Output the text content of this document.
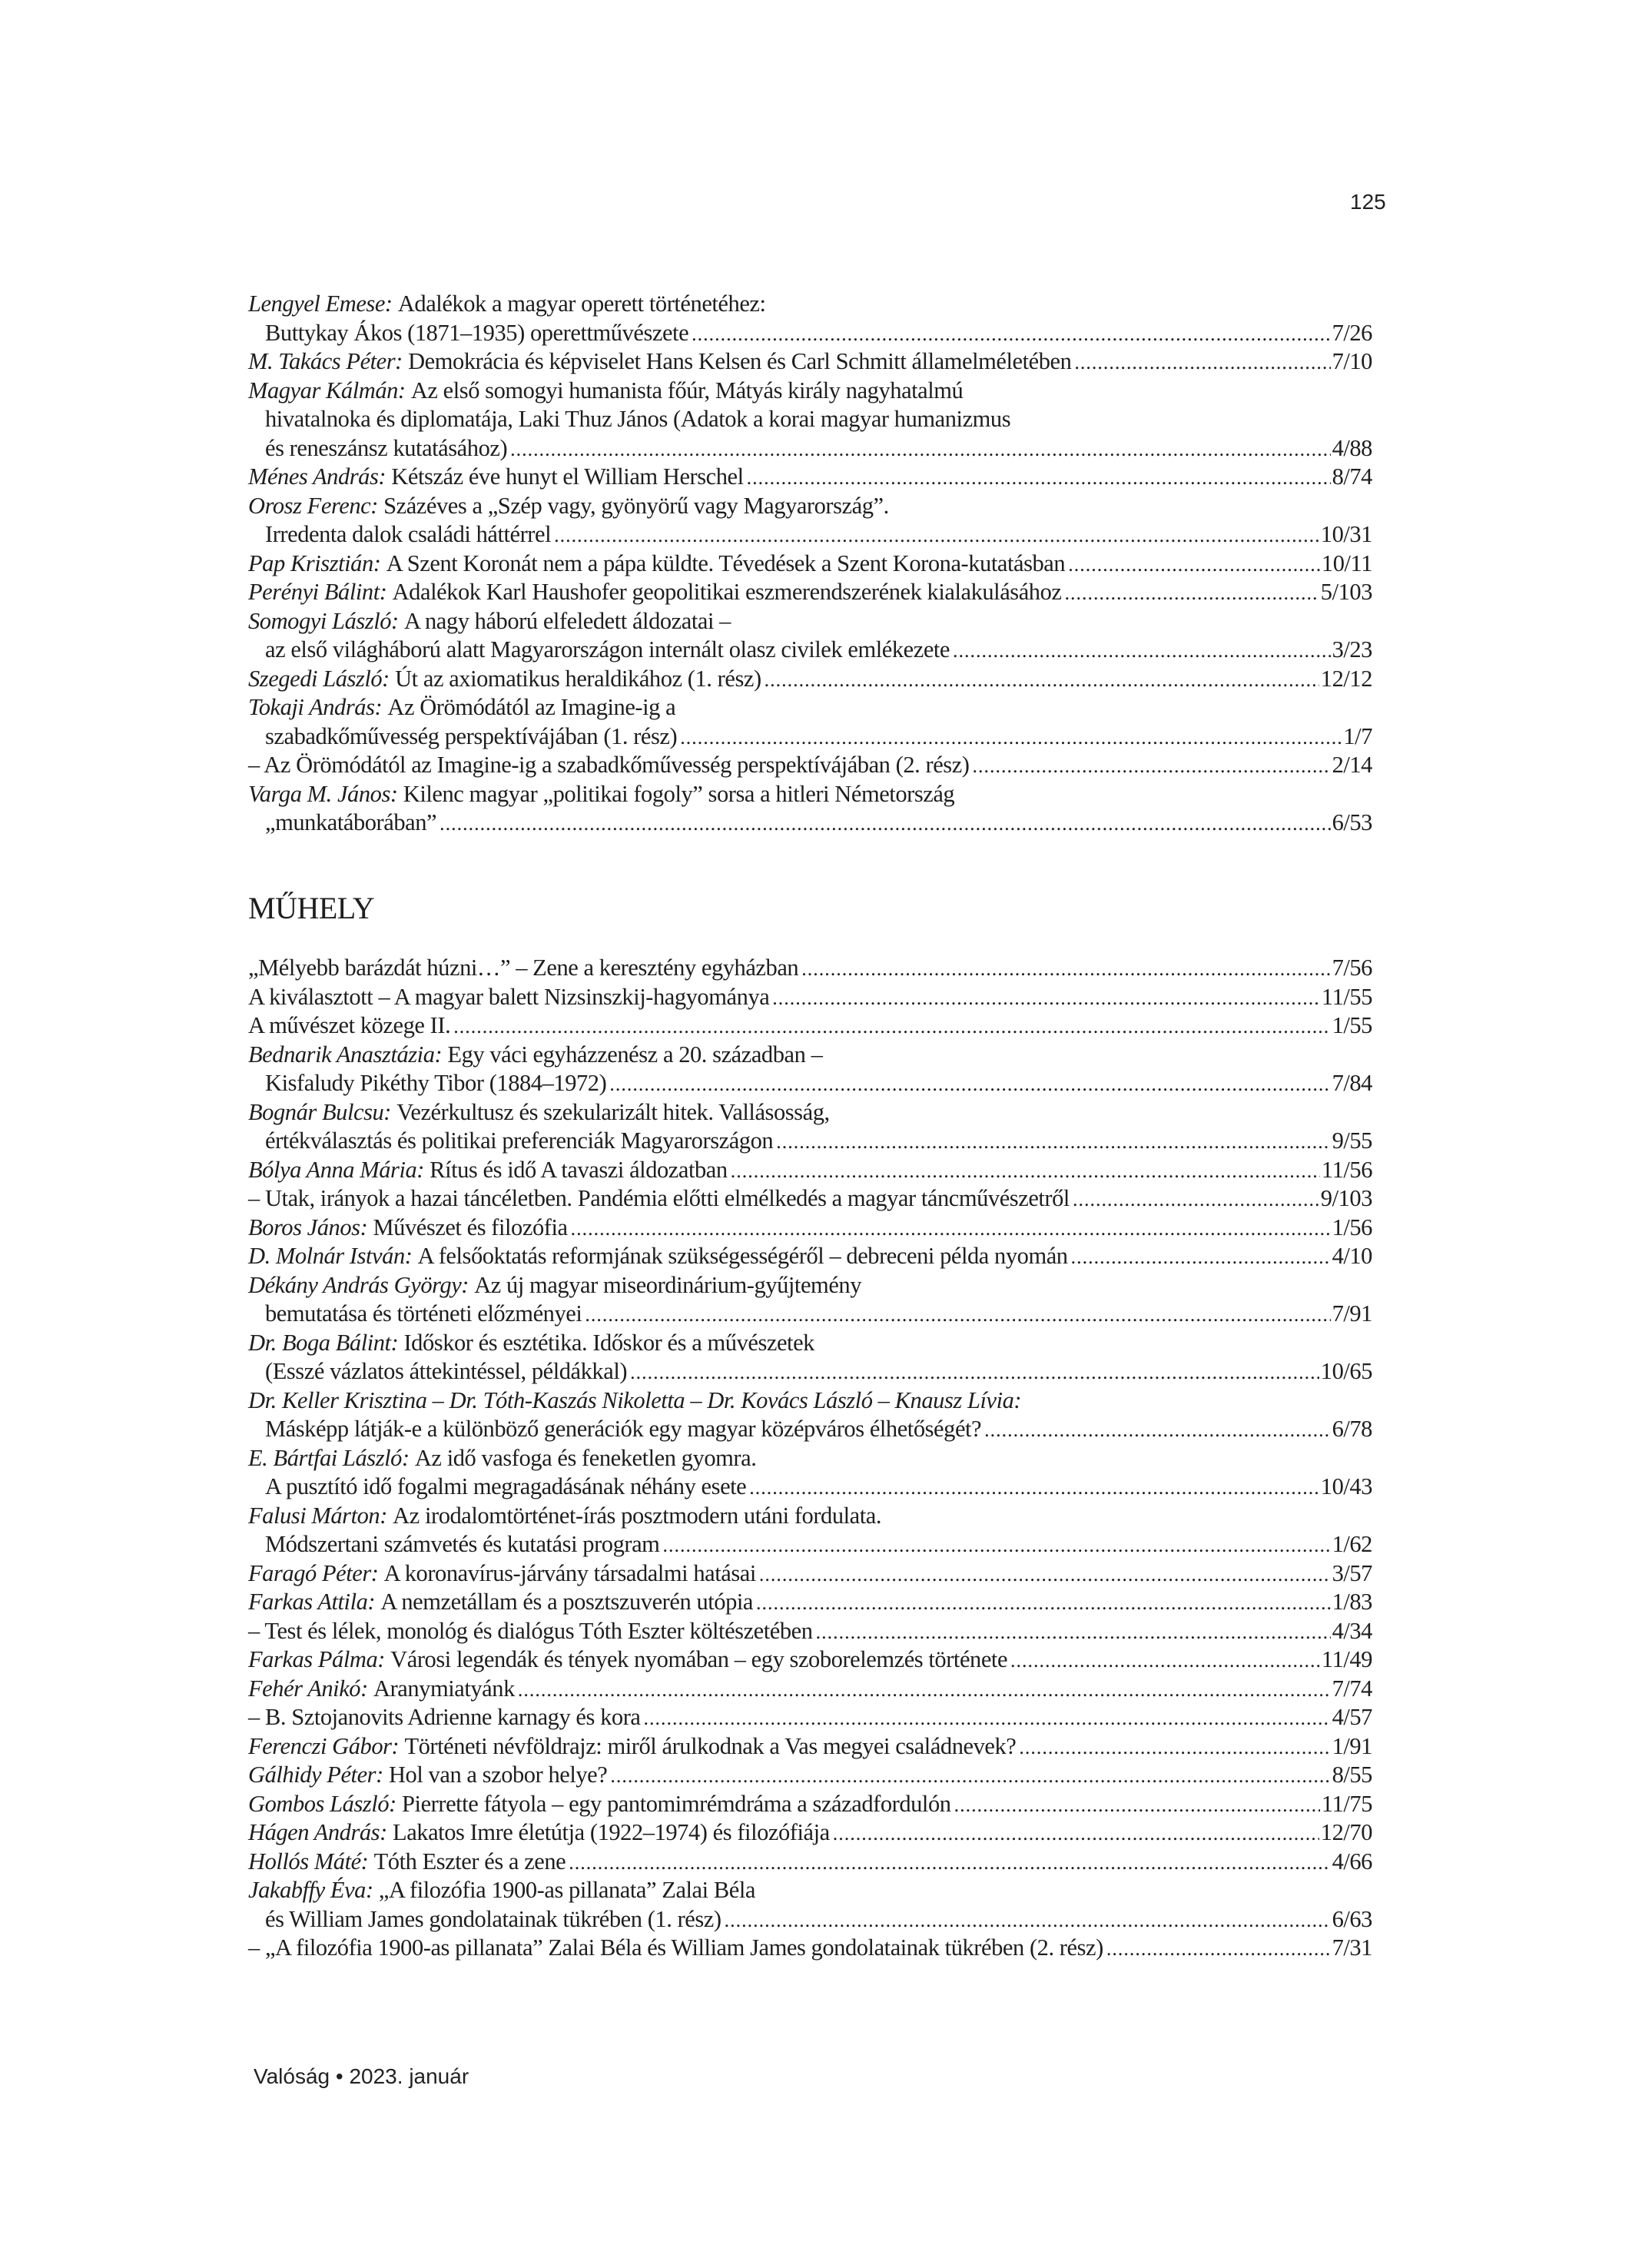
125
Lengyel Emese:
Adalékok a magyar operett történetéhez:
Buttykay Ákos (1871–1935) operettművészete .....	7/26
M. Takács Péter:
Demokrácia és képviselet Hans Kelsen és Carl Schmitt államelméletében .....	7/10
Magyar Kálmán:
Az első somogyi humanista főúr, Mátyás király nagyhatalmú
hivatalnoka és diplomatája, Laki Thuz János (Adatok a korai magyar humanizmus
és reneszánsz kutatásához) .....	4/88
Ménes András:
Kétszáz éve hunyt el William Herschel .....	8/74
Orosz Ferenc:
Százéves a „Szép vagy, gyönyörű vagy Magyarország”.
Irredenta dalok családi háttérrel .....	10/31
Pap Krisztián:
A Szent Koronát nem a pápa küldte. Tévedések a Szent Korona-kutatásban .....	10/11
Perényi Bálint:
Adalékok Karl Haushofer geopolitikai eszmerendszerének kialakulásához .....	5/103
Somogyi László:
A nagy háború elfeledett áldozatai –
az első világháború alatt Magyarországon internált olasz civilek emlékezete .....	3/23
Szegedi László:
Út az axiomatikus heraldikához (1. rész) .....	12/12
Tokaji András:
Az Örömódától az Imagine-ig a
szabadkőművesség perspektívájában (1. rész) .....	1/7
– Az Örömódától az Imagine-ig a szabadkőművesség perspektívájában (2. rész) .....	2/14
Varga M. János:
Kilenc magyar „politikai fogoly” sorsa a hitleri Németország
„munkatáborában” .....	6/53
MŰHELY
„Mélyebb barázdát húzni…” – Zene a keresztény egyházban .....	7/56
A kiválasztott – A magyar balett Nizsinszkij-hagyománya .....	11/55
A művészet közege II. .....	1/55
Bednarik Anasztázia:
Egy váci egyházzenész a 20. században –
Kisfaludy Pikéthy Tibor (1884–1972) .....	7/84
Bognár Bulcsu:
Vezérkultusz és szekularizált hitek. Vallásosság,
értékválasztás és politikai preferenciák Magyarországon .....	9/55
Bólya Anna Mária:
Rítus és idő A tavaszi áldozatban .....	11/56
– Utak, irányok a hazai táncéletben. Pandémia előtti elmélkedés a magyar táncművészetről .....	9/103
Boros János:
Művészet és filozófia .....	1/56
D. Molnár István:
A felsőoktatás reformjának szükségességéről – debreceni példa nyomán .....	4/10
Dékány András György:
Az új magyar miseordinárium-gyűjtemény
bemutatása és történeti előzményei .....	7/91
Dr. Boga Bálint:
Időskor és esztétika. Időskor és a művészetek
(Esszé vázlatos áttekintéssel, példákkal) .....	10/65
Dr. Keller Krisztina – Dr. Tóth-Kaszás Nikoletta – Dr. Kovács László – Knausz Lívia:
Másképp látják-e a különböző generációk egy magyar középváros élhetőségét? .....	6/78
E. Bártfai László:
Az idő vasfoga és feneketlen gyomra.
A pusztító idő fogalmi megragadásának néhány esete .....	10/43
Falusi Márton:
Az irodalomtörténet-írás posztmodern utáni fordulata.
Módszertani számvetés és kutatási program .....	1/62
Faragó Péter:
A koronavírus-járvány társadalmi hatásai .....	3/57
Farkas Attila:
A nemzetállam és a posztszuverén utópia .....	1/83
– Test és lélek, monológ és dialógus Tóth Eszter költészetében .....	4/34
Farkas Pálma:
Városi legendák és tények nyomában – egy szoborelemzés története .....	11/49
Fehér Anikó:
Aranymiatyánk .....	7/74
– B. Sztojanovits Adrienne karnagy és kora .....	4/57
Ferenczi Gábor:
Történeti névföldrajz: miről árulkodnak a Vas megyei családnevek? .....	1/91
Gálhidy Péter:
Hol van a szobor helye? .....	8/55
Gombos László:
Pierrette fátyola – egy pantomimrémdráma a századfordulón .....	11/75
Hágen András:
Lakatos Imre életútja (1922–1974) és filozófiája .....	12/70
Hollós Máté:
Tóth Eszter és a zene .....	4/66
Jakabffy Éva:
„A filozófia 1900-as pillanata” Zalai Béla
és William James gondolatainak tükrében (1. rész) .....	6/63
– „A filozófia 1900-as pillanata” Zalai Béla és William James gondolatainak tükrében (2. rész) .....	7/31
Valóság • 2023. január
